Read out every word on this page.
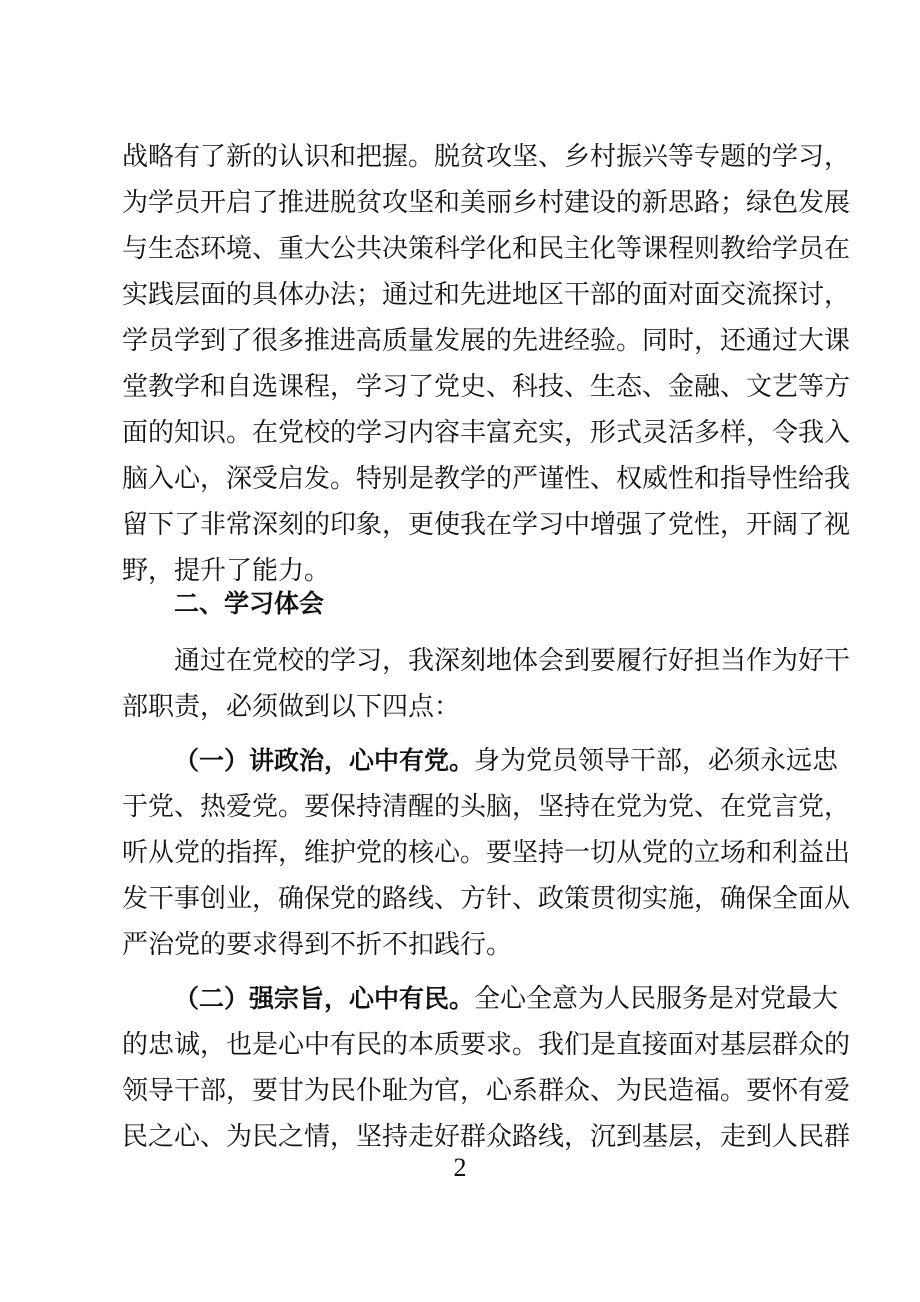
战略有了新的认识和把握。脱贫攻坚、乡村振兴等专题的学习，
为学员开启了推进脱贫攻坚和美丽乡村建设的新思路；绿色发展
与生态环境、重大公共决策科学化和民主化等课程则教给学员在
实践层面的具体办法；通过和先进地区干部的面对面交流探讨，
学员学到了很多推进高质量发展的先进经验。同时，还通过大课
堂教学和自选课程，学习了党史、科技、生态、金融、文艺等方
面的知识。在党校的学习内容丰富充实，形式灵活多样，令我入
脑入心，深受启发。特别是教学的严谨性、权威性和指导性给我
留下了非常深刻的印象，更使我在学习中增强了党性，开阔了视
野，提升了能力。
二、学习体会
通过在党校的学习，我深刻地体会到要履行好担当作为好干
部职责，必须做到以下四点：
（一）讲政治，心中有党。身为党员领导干部，必须永远忠
于党、热爱党。要保持清醒的头脑，坚持在党为党、在党言党，
听从党的指挥，维护党的核心。要坚持一切从党的立场和利益出
发干事创业，确保党的路线、方针、政策贯彻实施，确保全面从
严治党的要求得到不折不扣践行。
（二）强宗旨，心中有民。全心全意为人民服务是对党最大
的忠诚，也是心中有民的本质要求。我们是直接面对基层群众的
领导干部，要甘为民仆耻为官，心系群众、为民造福。要怀有爱
民之心、为民之情，坚持走好群众路线，沉到基层，走到人民群
2
